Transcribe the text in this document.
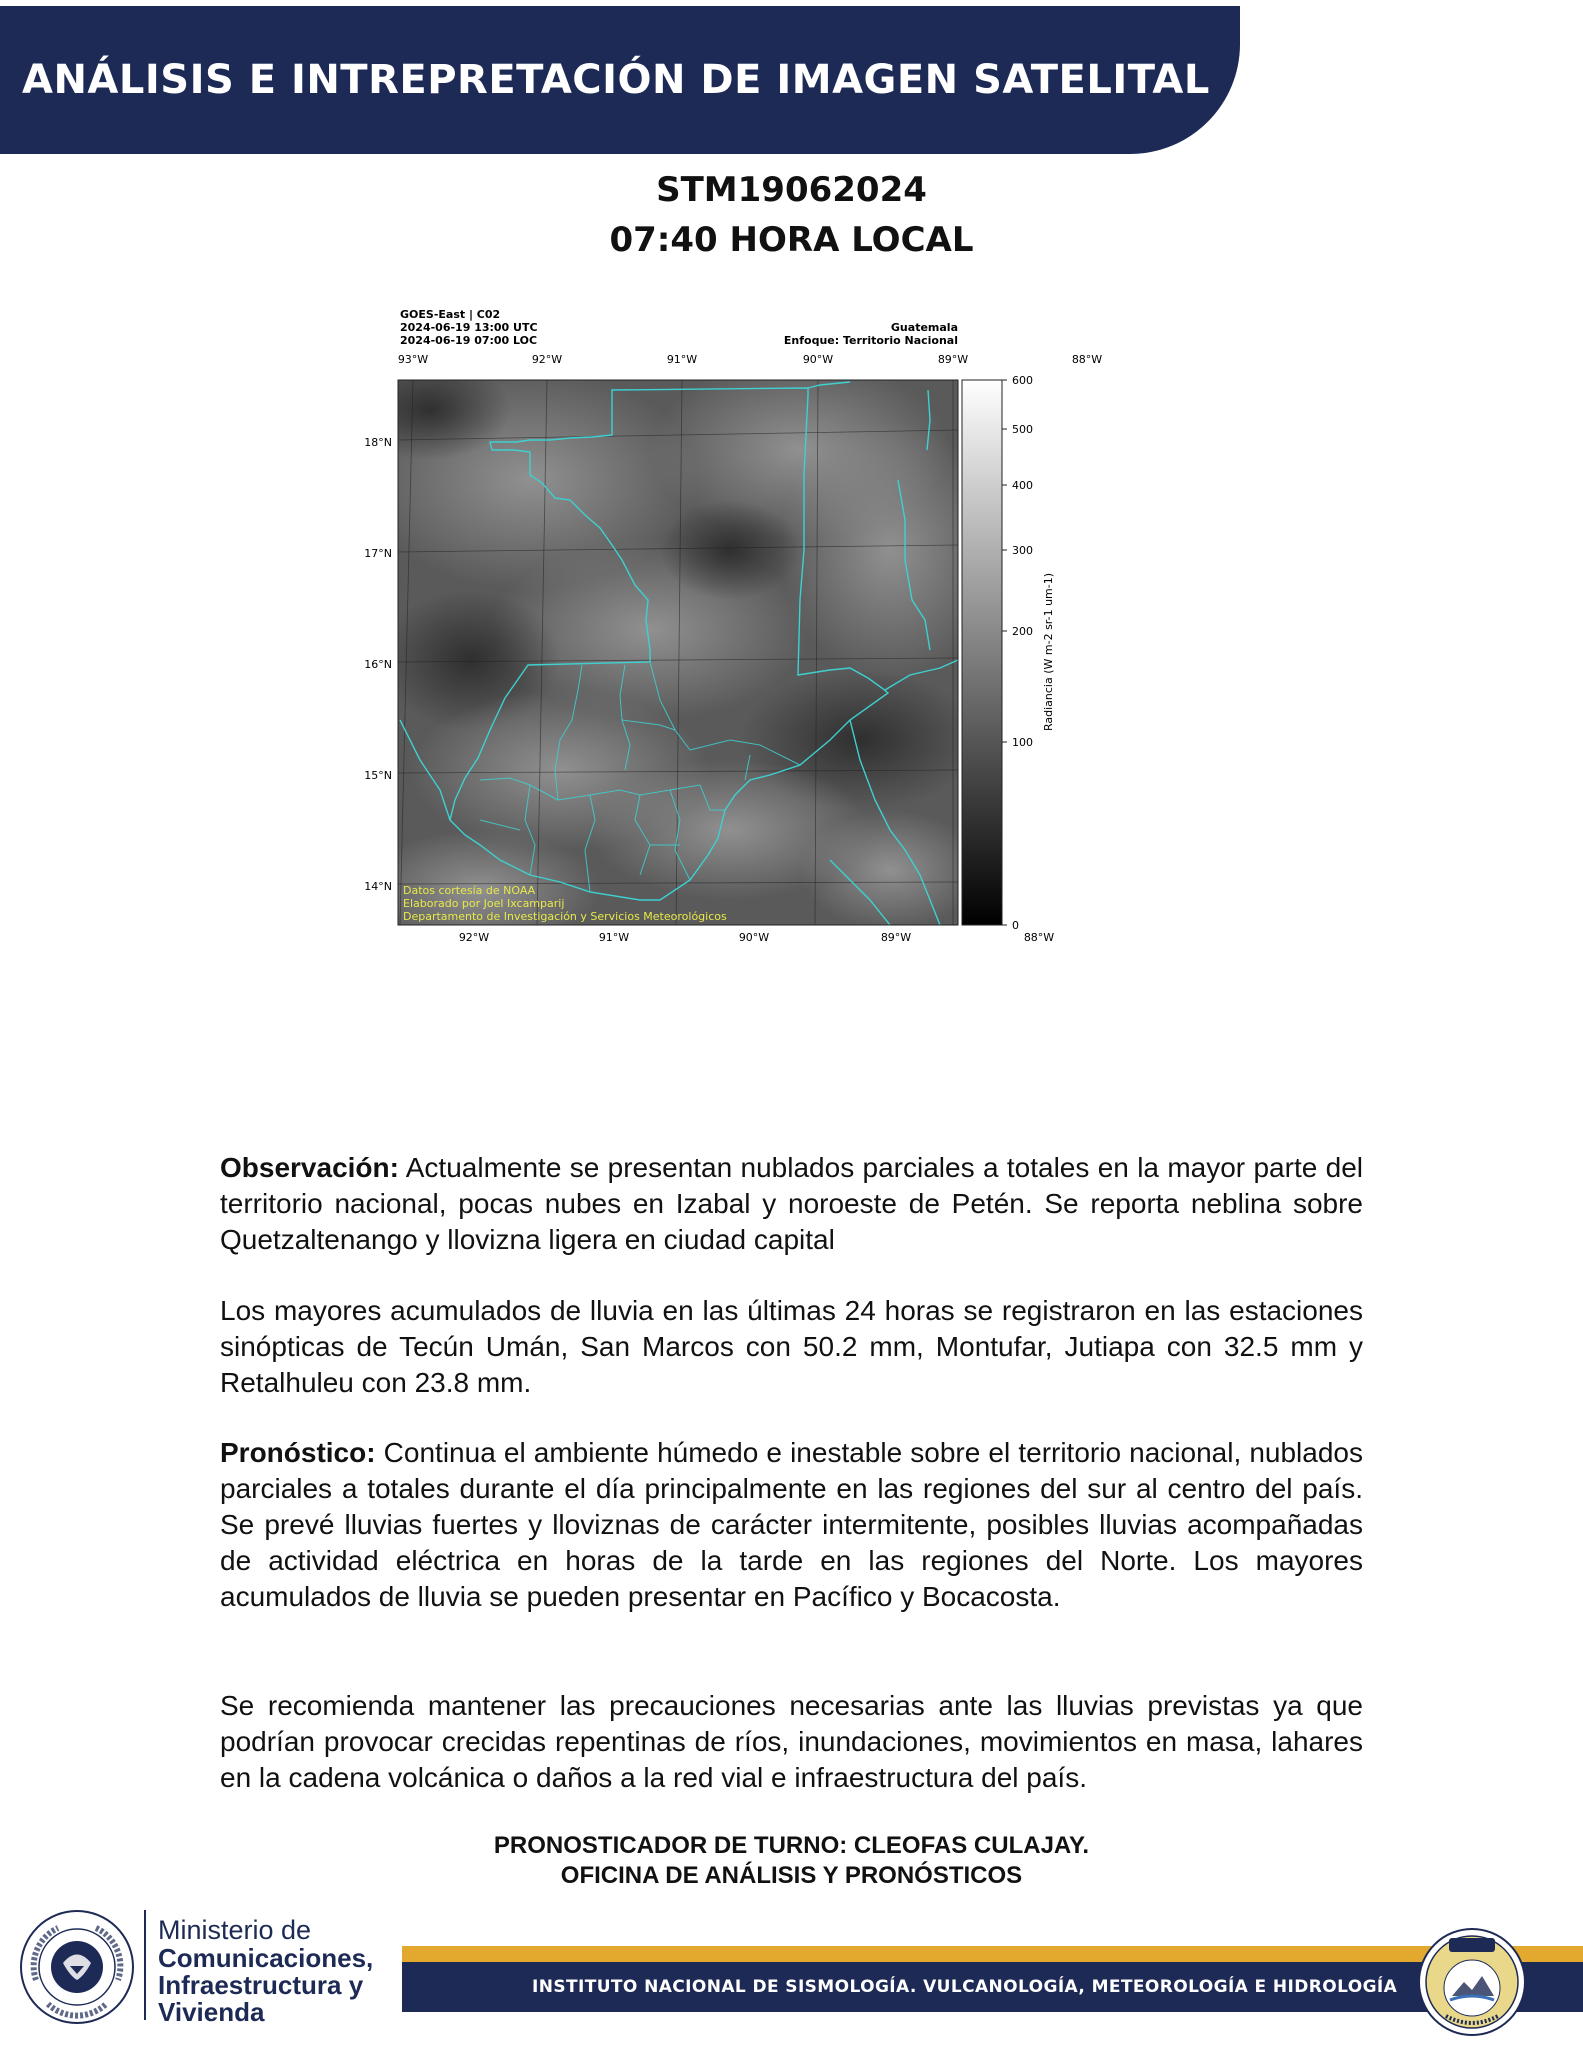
ANÁLISIS E INTREPRETACIÓN DE IMAGEN SATELITAL
STM19062024
07:40 HORA LOCAL
GOES-East | C02
2024-06-19 13:00 UTC
2024-06-19 07:00 LOC
Guatemala
Enfoque: Territorio Nacional
93°W	92°W	91°W	90°W	89°W	88°W
18°N
17°N
16°N
15°N
14°N Datos cortesía de NOAA
Elaborado por Joel Ixcamparij
Departamento de Investigación y Servicios Meteorológicos
92°W	91°W	90°W	89°W	88°W
600
500
400
300
200
100
0
Radiancia (W m-2 sr-1 um-1)

Observación: Actualmente se presentan nublados parciales a totales en la mayor parte del territorio nacional, pocas nubes en Izabal y noroeste de Petén. Se reporta neblina sobre Quetzaltenango y llovizna ligera en ciudad capital

Los mayores acumulados de lluvia en las últimas 24 horas se registraron en las estaciones sinópticas de Tecún Umán, San Marcos con 50.2 mm, Montufar, Jutiapa con 32.5 mm y Retalhuleu con 23.8 mm.

Pronóstico: Continua el ambiente húmedo e inestable sobre el territorio nacional, nublados parciales a totales durante el día principalmente en las regiones del sur al centro del país. Se prevé lluvias fuertes y lloviznas de carácter intermitente, posibles lluvias acompañadas de actividad eléctrica en horas de la tarde en las regiones del Norte. Los mayores acumulados de lluvia se pueden presentar en Pacífico y Bocacosta.

Se recomienda mantener las precauciones necesarias ante las lluvias previstas ya que podrían provocar crecidas repentinas de ríos, inundaciones, movimientos en masa, lahares en la cadena volcánica o daños a la red vial e infraestructura del país.

PRONOSTICADOR DE TURNO: CLEOFAS CULAJAY.
OFICINA DE ANÁLISIS Y PRONÓSTICOS
Ministerio de
Comunicaciones,
Infraestructura y
Vivienda
INSTITUTO NACIONAL DE SISMOLOGÍA. VULCANOLOGÍA, METEOROLOGÍA E HIDROLOGÍA
